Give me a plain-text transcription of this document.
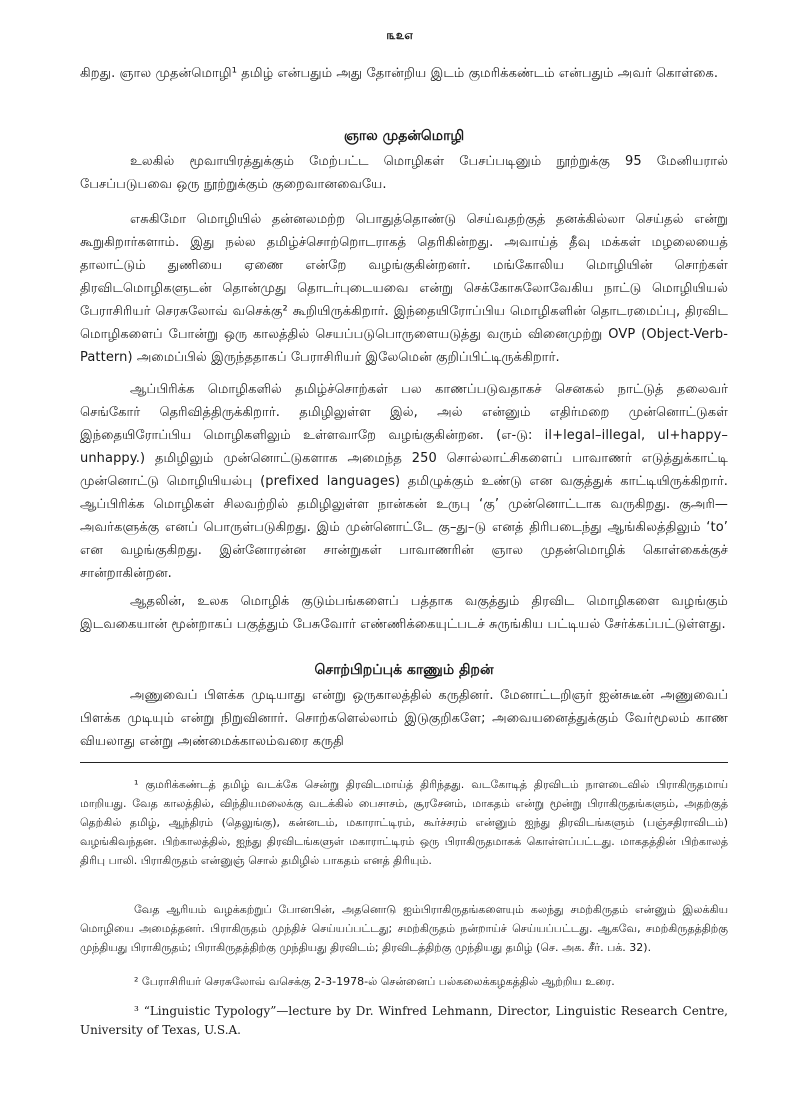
௩௨௭

கிறது. ஞால முதன்மொழி¹ தமிழ் என்பதும் அது தோன்றிய இடம் குமரிக்கண்டம் என்பதும் அவர் கொள்கை.

ஞால முதன்மொழி

உலகில் மூவாயிரத்துக்கும் மேற்பட்ட மொழிகள் பேசப்படினும் நூற்றுக்கு 95 மேனியரால் பேசப்படுபவை ஒரு நூற்றுக்கும் குறைவானவையே.

எசுகிமோ மொழியில் தன்னலமற்ற பொதுத்தொண்டு செய்வதற்குத் தனக்கில்லா செய்தல் என்று கூறுகிறார்களாம். இது நல்ல தமிழ்ச்சொற்றொடராகத் தெரிகின்றது. அவாய்த் தீவு மக்கள் மழலையைத் தாலாட்டும் துணியை ஏணை என்றே வழங்குகின்றனர். மங்கோலிய மொழியின் சொற்கள் திரவிடமொழிகளுடன் தொன்முது தொடர்புடையவை என்று செக்கோசுலோவேகிய நாட்டு மொழியியல் பேராசிரியர் செரசுலோவ் வசெக்கு² கூறியிருக்கிறார். இந்தையிரோப்பிய மொழிகளின் தொடரமைப்பு, திரவிட மொழிகளைப் போன்று ஒரு காலத்தில் செயப்படுபொருளையடுத்து வரும் வினைமுற்று OVP (Object-Verb-Pattern) அமைப்பில் இருந்ததாகப் பேராசிரியர் இலேமென் குறிப்பிட்டிருக்கிறார்.

ஆப்பிரிக்க மொழிகளில் தமிழ்ச்சொற்கள் பல காணப்படுவதாகச் செனகல் நாட்டுத் தலைவர் செங்கோர் தெரிவித்திருக்கிறார். தமிழிலுள்ள இல், அல் என்னும் எதிர்மறை முன்னொட்டுகள் இந்தையிரோப்பிய மொழிகளிலும் உள்ளவாறே வழங்குகின்றன. (எ-டு: il+legal–illegal, ul+happy–unhappy.) தமிழிலும் முன்னொட்டுகளாக அமைந்த 250 சொல்லாட்சிகளைப் பாவாணர் எடுத்துக்காட்டி முன்னொட்டு மொழியியல்பு (prefixed languages) தமிழுக்கும் உண்டு என வகுத்துக் காட்டியிருக்கிறார். ஆப்பிரிக்க மொழிகள் சிலவற்றில் தமிழிலுள்ள நான்கன் உருபு ‘கு’ முன்னொட்டாக வருகிறது. குஅரி—அவர்களுக்கு எனப் பொருள்படுகிறது. இம் முன்னொட்டே கு–து–டு எனத் திரிபடைந்து ஆங்கிலத்திலும் ‘to’ என வழங்குகிறது. இன்னோரன்ன சான்றுகள் பாவாணரின் ஞால முதன்மொழிக் கொள்கைக்குச் சான்றாகின்றன.

ஆதலின், உலக மொழிக் குடும்பங்களைப் பத்தாக வகுத்தும் திரவிட மொழிகளை வழங்கும் இடவகையான் மூன்றாகப் பகுத்தும் பேசுவோர் எண்ணிக்கையுட்படச் சுருங்கிய பட்டியல் சேர்க்கப்பட்டுள்ளது.

சொற்பிறப்புக் காணும் திறன்

அணுவைப் பிளக்க முடியாது என்று ஒருகாலத்தில் கருதினர். மேனாட்டறிஞர் ஐன்சுடீன் அணுவைப் பிளக்க முடியும் என்று நிறுவினார். சொற்களெல்லாம் இடுகுறிகளே; அவையனைத்துக்கும் வேர்மூலம் காண வியலாது என்று அண்மைக்காலம்வரை கருதி

¹ குமரிக்கண்டத் தமிழ் வடக்கே சென்று திரவிடமாய்த் திரிந்தது. வடகோடித் திரவிடம் நாளடைவில் பிராகிருதமாய் மாறியது. வேத காலத்தில், விந்தியமலைக்கு வடக்கில் பைசாசம், சூரசேனம், மாகதம் என்று மூன்று பிராகிருதங்களும், அதற்குத் தெற்கில் தமிழ், ஆந்திரம் (தெலுங்கு), கன்னடம், மகாராட்டிரம், கூர்ச்சரம் என்னும் ஐந்து திரவிடங்களும் (பஞ்சதிராவிடம்) வழங்கிவந்தன. பிற்காலத்தில், ஐந்து திரவிடங்களுள் மகாராட்டிரம் ஒரு பிராகிருதமாகக் கொள்ளப்பட்டது. மாகதத்தின் பிற்காலத் திரிபு பாலி. பிராகிருதம் என்னுஞ் சொல் தமிழில் பாகதம் எனத் திரியும்.

வேத ஆரியம் வழக்கற்றுப் போனபின், அதனொடு ஐம்பிராகிருதங்களையும் கலந்து சமற்கிருதம் என்னும் இலக்கிய மொழியை அமைத்தனர். பிராகிருதம் முந்திச் செய்யப்பட்டது; சமற்கிருதம் நன்றாய்ச் செய்யப்பட்டது. ஆகவே, சமற்கிருதத்திற்கு முந்தியது பிராகிருதம்; பிராகிருதத்திற்கு முந்தியது திரவிடம்; திரவிடத்திற்கு முந்தியது தமிழ் (செ. அக. சீர். பக். 32).

² பேராசிரியர் செரசுலோவ் வசெக்கு 2-3-1978-ல் சென்னைப் பல்கலைக்கழகத்தில் ஆற்றிய உரை.

³ “Linguistic Typology”—lecture by Dr. Winfred Lehmann, Director, Linguistic Research Centre, University of Texas, U.S.A.
